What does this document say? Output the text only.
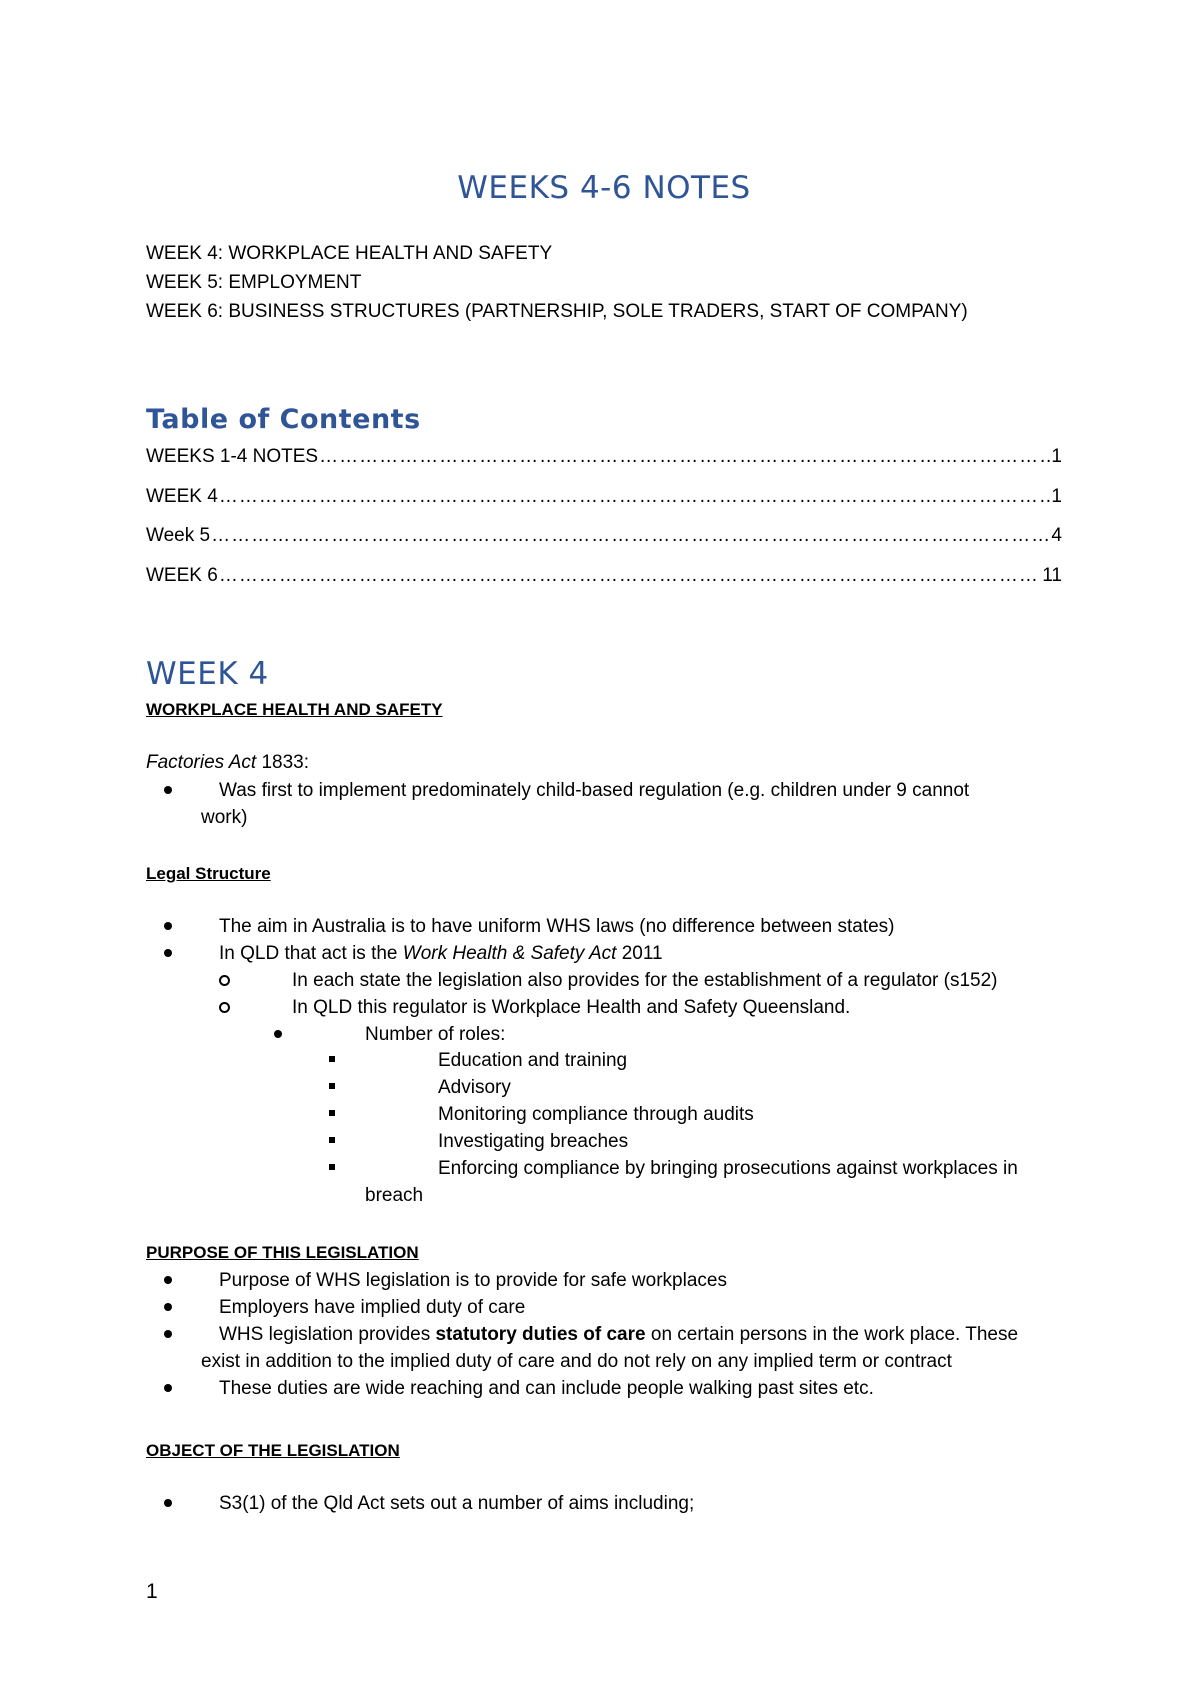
WEEKS 4-6 NOTES
WEEK 4: WORKPLACE HEALTH AND SAFETY
WEEK 5: EMPLOYMENT
WEEK 6: BUSINESS STRUCTURES (PARTNERSHIP, SOLE TRADERS, START OF COMPANY)
Table of Contents
WEEKS 1-4 NOTES …………………………………………………………………………………………………………………………………………………………………………………………………………………………………………………………………	1
WEEK 4 …………………………………………………………………………………………………………………………………………………………………………………………………………………………………………………………………	1
Week 5 …………………………………………………………………………………………………………………………………………………………………………………………………………………………………………………………………	4
WEEK 6 …………………………………………………………………………………………………………………………………………………………………………………………………………………………………………………………………	11
WEEK 4
WORKPLACE HEALTH AND SAFETY
Factories Act 1833:
Was first to implement predominately child-based regulation (e.g. children under 9 cannot
work)
Legal Structure
The aim in Australia is to have uniform WHS laws (no difference between states)
In QLD that act is the Work Health & Safety Act 2011
In each state the legislation also provides for the establishment of a regulator (s152)
In QLD this regulator is Workplace Health and Safety Queensland.
Number of roles:
Education and training
Advisory
Monitoring compliance through audits
Investigating breaches
Enforcing compliance by bringing prosecutions against workplaces in
breach
PURPOSE OF THIS LEGISLATION
Purpose of WHS legislation is to provide for safe workplaces
Employers have implied duty of care
WHS legislation provides statutory duties of care on certain persons in the work place. These
exist in addition to the implied duty of care and do not rely on any implied term or contract
These duties are wide reaching and can include people walking past sites etc.
OBJECT OF THE LEGISLATION
S3(1) of the Qld Act sets out a number of aims including;
1
